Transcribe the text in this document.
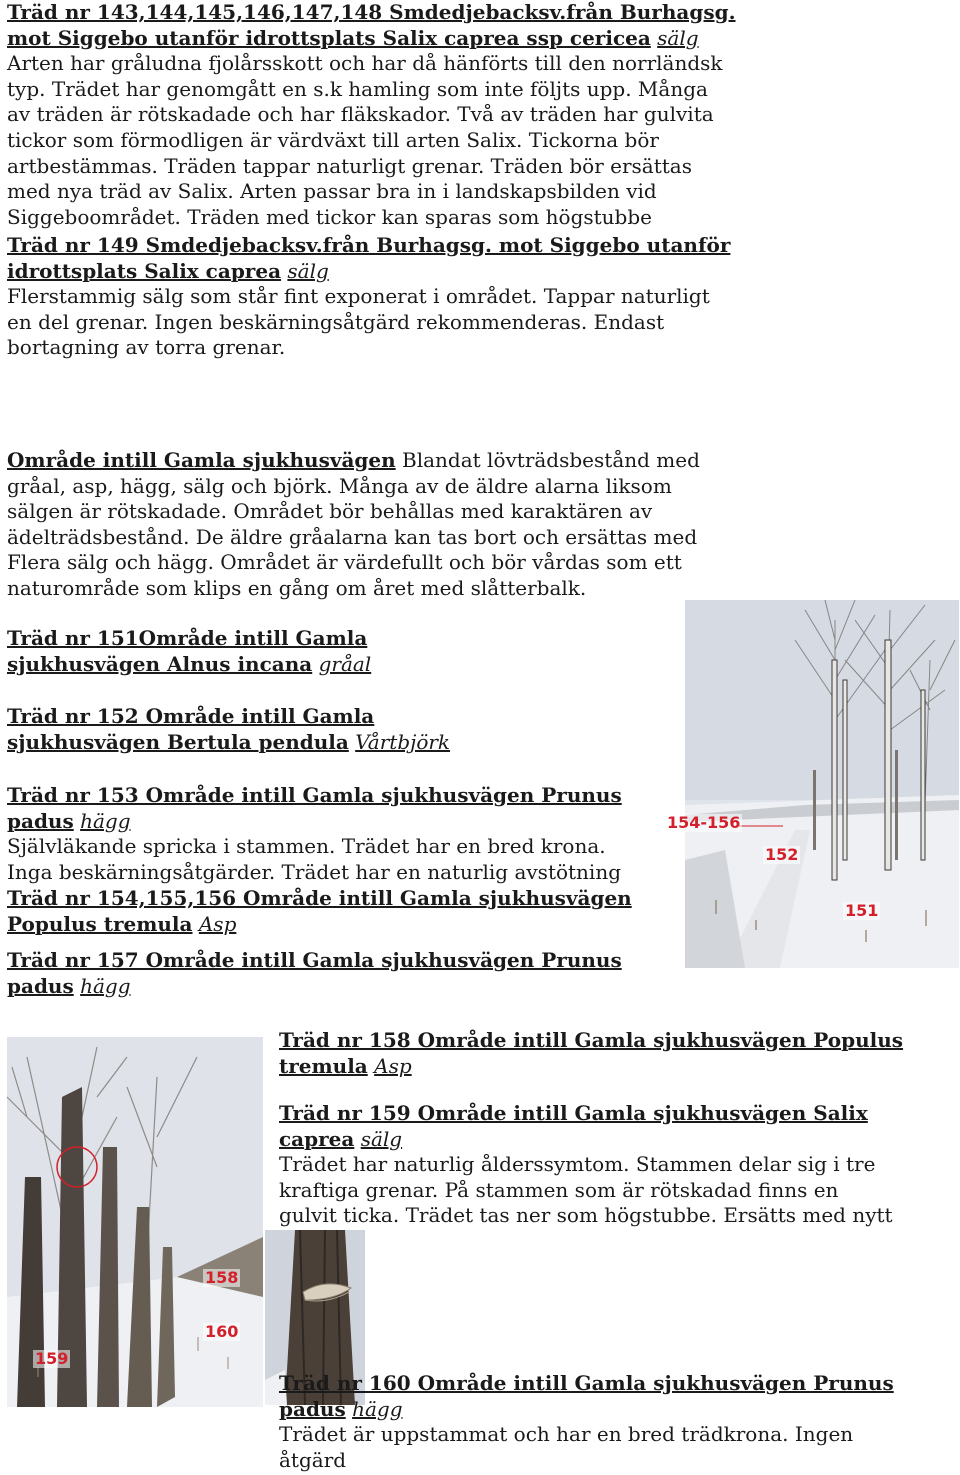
Träd nr 143,144,145,146,147,148 Smdedjebacksv.från Burhagsg.
mot Siggebo utanför idrottsplats Salix caprea ssp cericea sälg
Arten har gråludna fjolårsskott och har då hänförts till den norrländsk
typ. Trädet har genomgått en s.k hamling som inte följts upp. Många
av träden är rötskadade och har fläkskador. Två av träden har gulvita
tickor som förmodligen är värdväxt till arten Salix. Tickorna bör
artbestämmas. Träden tappar naturligt grenar. Träden bör ersättas
med nya träd av Salix. Arten passar bra in i landskapsbilden vid
Siggeboområdet. Träden med tickor kan sparas som högstubbe
Träd nr 149 Smdedjebacksv.från Burhagsg. mot Siggebo utanför
idrottsplats Salix caprea sälg
Flerstammig sälg som står fint exponerat i området. Tappar naturligt
en del grenar. Ingen beskärningsåtgärd rekommenderas. Endast
bortagning av torra grenar.
Område intill Gamla sjukhusvägen Blandat lövträdsbestånd med
gråal, asp, hägg, sälg och björk. Många av de äldre alarna liksom
sälgen är rötskadade. Området bör behållas med karaktären av
ädelträdsbestånd. De äldre gråalarna kan tas bort och ersättas med
Flera sälg och hägg. Området är värdefullt och bör vårdas som ett
naturområde som klips en gång om året med slåtterbalk.
Träd nr 151Område intill Gamla
sjukhusvägen Alnus incana gråal
Träd nr 152 Område intill Gamla
sjukhusvägen Bertula pendula Vårtbjörk
Träd nr 153 Område intill Gamla sjukhusvägen Prunus
padus hägg
Självläkande spricka i stammen. Trädet har en bred krona.
Inga beskärningsåtgärder. Trädet har en naturlig avstötning
Träd nr 154,155,156 Område intill Gamla sjukhusvägen
Populus tremula Asp
Träd nr 157 Område intill Gamla sjukhusvägen Prunus
padus hägg
154-156
152
151
158
160
159
Träd nr 158 Område intill Gamla sjukhusvägen Populus
tremula Asp
Träd nr 159 Område intill Gamla sjukhusvägen Salix
caprea sälg
Trädet har naturlig ålderssymtom. Stammen delar sig i tre
kraftiga grenar. På stammen som är rötskadad finns en
gulvit ticka. Trädet tas ner som högstubbe. Ersätts med nytt
Träd nr 160 Område intill Gamla sjukhusvägen Prunus
padus hägg
Trädet är uppstammat och har en bred trädkrona. Ingen
åtgärd
